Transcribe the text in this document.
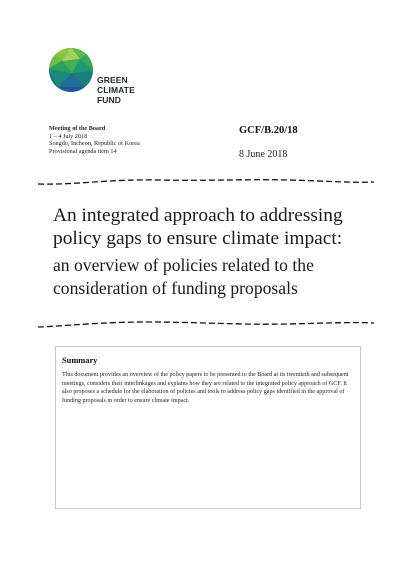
GREEN
CLIMATE
FUND
Meeting of the Board
1 – 4 July 2018
Songdo, Incheon, Republic of Korea
Provisional agenda item 14
GCF/B.20/18
8 June 2018

An integrated approach to addressing policy gaps to ensure climate impact:

an overview of policies related to the consideration of funding proposals

Summary

This document provides an overview of the policy papers to be presented to the Board at its twentieth and subsequent meetings, considers their interlinkages and explains how they are related to the integrated policy approach of GCF. It also proposes a schedule for the elaboration of policies and tools to address policy gaps identified in the approval of funding proposals in order to ensure climate impact.
